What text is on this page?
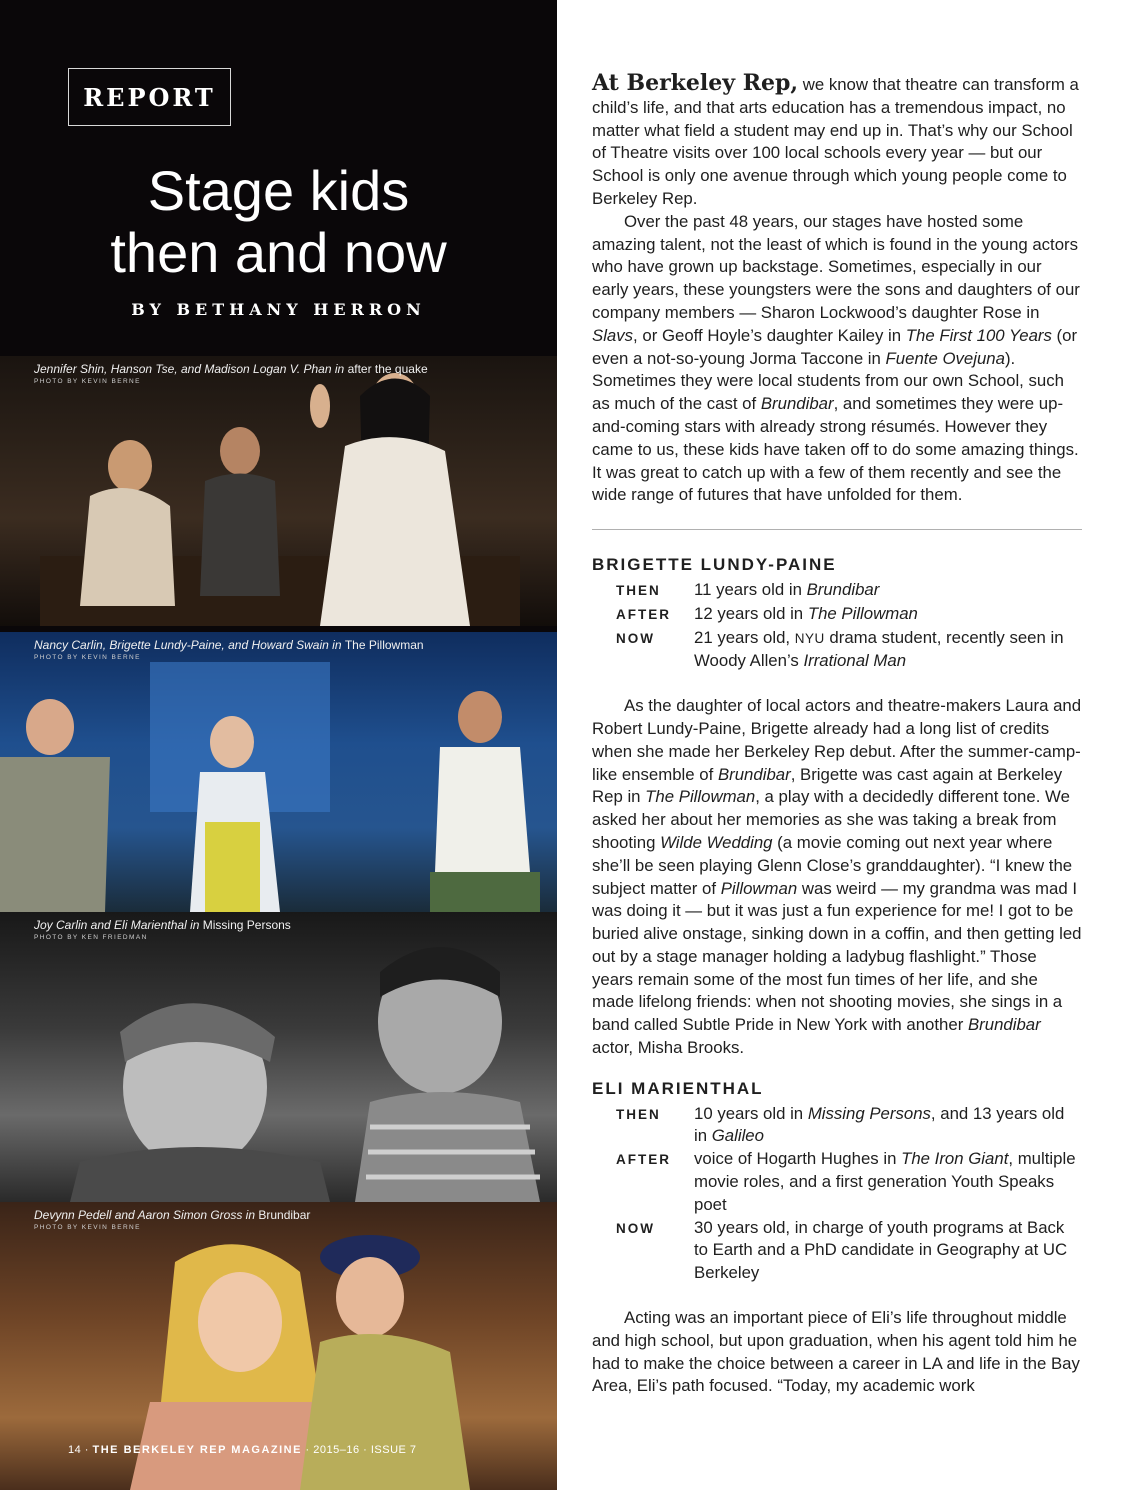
REPORT
Stage kids
then and now
BY BETHANY HERRON
Jennifer Shin, Hanson Tse, and Madison Logan V. Phan in after the quake
PHOTO BY KEVIN BERNE
Nancy Carlin, Brigette Lundy-Paine, and Howard Swain in The Pillowman
PHOTO BY KEVIN BERNE
Joy Carlin and Eli Marienthal in Missing Persons
PHOTO BY KEN FRIEDMAN
Devynn Pedell and Aaron Simon Gross in Brundibar
PHOTO BY KEVIN BERNE
14 · THE BERKELEY REP MAGAZINE · 2015–16 · ISSUE 7

At Berkeley Rep, we know that theatre can transform a child’s life, and that arts education has a tremendous impact, no matter what field a student may end up in. That’s why our School of Theatre visits over 100 local schools every year — but our School is only one avenue through which young people come to Berkeley Rep.

Over the past 48 years, our stages have hosted some amazing talent, not the least of which is found in the young actors who have grown up backstage. Sometimes, especially in our early years, these youngsters were the sons and daughters of our company members — Sharon Lockwood’s daughter Rose in Slavs, or Geoff Hoyle’s daughter Kailey in The First 100 Years (or even a not-so-young Jorma Taccone in Fuente Ovejuna). Sometimes they were local students from our own School, such as much of the cast of Brundibar, and sometimes they were up-and-coming stars with already strong résumés. However they came to us, these kids have taken off to do some amazing things. It was great to catch up with a few of them recently and see the wide range of futures that have unfolded for them.

BRIGETTE LUNDY-PAINE
THEN	11 years old in Brundibar
AFTER	12 years old in The Pillowman
NOW	21 years old, NYU drama student, recently seen in Woody Allen’s Irrational Man

As the daughter of local actors and theatre-makers Laura and Robert Lundy-Paine, Brigette already had a long list of credits when she made her Berkeley Rep debut. After the summer-camp-like ensemble of Brundibar, Brigette was cast again at Berkeley Rep in The Pillowman, a play with a decidedly different tone. We asked her about her memories as she was taking a break from shooting Wilde Wedding (a movie coming out next year where she’ll be seen playing Glenn Close’s granddaughter). “I knew the subject matter of Pillowman was weird — my grandma was mad I was doing it — but it was just a fun experience for me! I got to be buried alive onstage, sinking down in a coffin, and then getting led out by a stage manager holding a ladybug flashlight.” Those years remain some of the most fun times of her life, and she made lifelong friends: when not shooting movies, she sings in a band called Subtle Pride in New York with another Brundibar actor, Misha Brooks.

ELI MARIENTHAL
THEN	10 years old in Missing Persons, and 13 years old in Galileo
AFTER	voice of Hogarth Hughes in The Iron Giant, multiple movie roles, and a first generation Youth Speaks poet
NOW	30 years old, in charge of youth programs at Back to Earth and a PhD candidate in Geography at UC Berkeley

Acting was an important piece of Eli’s life throughout middle and high school, but upon graduation, when his agent told him he had to make the choice between a career in LA and life in the Bay Area, Eli’s path focused. “Today, my academic work
